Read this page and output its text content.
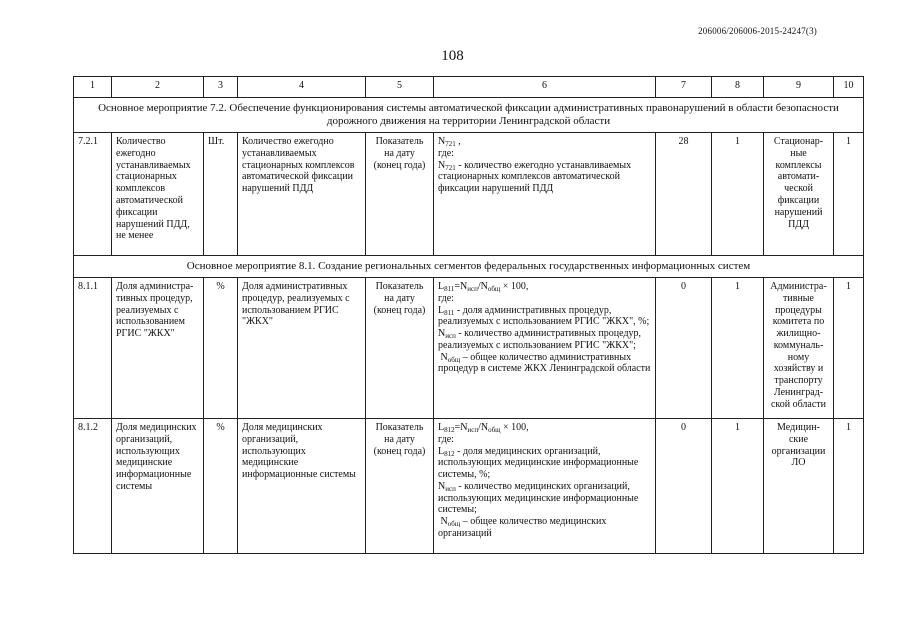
206006/206006-2015-24247(3)
108
1	2	3	4	5	6	7	8	9	10
Основное мероприятие 7.2. Обеспечение функционирования системы автоматической фиксации административных правонарушений в области безопасности дорожного движения на территории Ленинградской области									
7.2.1	Количество ежегодно устанавливаемых стационарных комплексов автоматической фиксации нарушений ПДД, не менее	Шт.	Количество ежегодно устанавливаемых стационарных комплексов автоматической фиксации нарушений ПДД	Показатель на дату (конец года)	$N_{721}$ ,
где:
$N_{721}$ - количество ежегодно устанавливаемых стационарных комплексов автоматической фиксации нарушений ПДД	28	1	Стационар-ные комплексы автомати-ческой фиксации нарушений ПДД	1
Основное мероприятие 8.1. Создание региональных сегментов федеральных государственных информационных систем									
8.1.1	Доля администра-тивных процедур, реализуемых с использованием РГИС "ЖКХ"	%	Доля административных процедур, реализуемых с использованием РГИС "ЖКХ"	Показатель на дату (конец года)	$L_{811}=N_{исп}/N_{общ} \times 100$,
где:
$L_{811}$ - доля административных процедур, реализуемых с использованием РГИС "ЖКХ", %;
$N_{исп}$ - количество административных процедур, реализуемых с использованием РГИС "ЖКХ";
$N_{общ}$ – общее количество административных процедур в системе ЖКХ Ленинградской области	0	1	Администра-тивные процедуры комитета по жилищно-коммуналь-ному хозяйству и транспорту Ленинград-ской области	1
8.1.2	Доля медицинских организаций, использующих медицинские информационные системы	%	Доля медицинских организаций, использующих медицинские информационные системы	Показатель на дату (конец года)	$L_{812}=N_{исп}/N_{общ} \times 100$,
где:
$L_{812}$ - доля медицинских организаций, использующих медицинские информационные системы, %;
$N_{исп}$ - количество медицинских организаций, использующих медицинские информационные системы;
$N_{общ}$ – общее количество медицинских организаций	0	1	Медицин-ские организации ЛО	1
